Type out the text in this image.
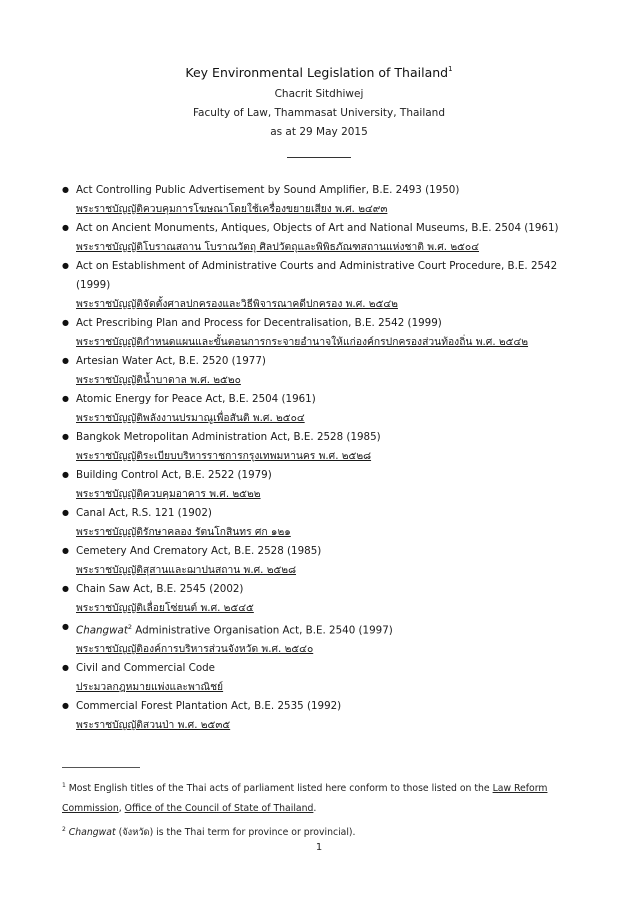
Key Environmental Legislation of Thailand$^1$
Chacrit Sitdhiwej
Faculty of Law, Thammasat University, Thailand
as at 29 May 2015
● Act Controlling Public Advertisement by Sound Amplifier, B.E. 2493 (1950)
พระราชบัญญัติควบคุมการโฆษณาโดยใช้เครื่องขยายเสียง พ.ศ. ๒๔๙๓
● Act on Ancient Monuments, Antiques, Objects of Art and National Museums, B.E. 2504 (1961)
พระราชบัญญัติโบราณสถาน โบราณวัตถุ ศิลปวัตถุและพิพิธภัณฑสถานแห่งชาติ พ.ศ. ๒๕๐๔
● Act on Establishment of Administrative Courts and Administrative Court Procedure, B.E. 2542 (1999)
พระราชบัญญัติจัดตั้งศาลปกครองและวิธีพิจารณาคดีปกครอง พ.ศ. ๒๕๔๒
● Act Prescribing Plan and Process for Decentralisation, B.E. 2542 (1999)
พระราชบัญญัติกำหนดแผนและขั้นตอนการกระจายอำนาจให้แก่องค์กรปกครองส่วนท้องถิ่น พ.ศ. ๒๕๔๒
● Artesian Water Act, B.E. 2520 (1977)
พระราชบัญญัติน้ำบาดาล พ.ศ. ๒๕๒๐
● Atomic Energy for Peace Act, B.E. 2504 (1961)
พระราชบัญญัติพลังงานปรมาณูเพื่อสันติ พ.ศ. ๒๕๐๔
● Bangkok Metropolitan Administration Act, B.E. 2528 (1985)
พระราชบัญญัติระเบียบบริหารราชการกรุงเทพมหานคร พ.ศ. ๒๕๒๘
● Building Control Act, B.E. 2522 (1979)
พระราชบัญญัติควบคุมอาคาร พ.ศ. ๒๕๒๒
● Canal Act, R.S. 121 (1902)
พระราชบัญญัติรักษาคลอง รัตนโกสินทร ศก ๑๒๑
● Cemetery And Crematory Act, B.E. 2528 (1985)
พระราชบัญญัติสุสานและฌาปนสถาน พ.ศ. ๒๕๒๘
● Chain Saw Act, B.E. 2545 (2002)
พระราชบัญญัติเลื่อยโซ่ยนต์ พ.ศ. ๒๕๔๕
● Changwat$^2$ Administrative Organisation Act, B.E. 2540 (1997)
พระราชบัญญัติองค์การบริหารส่วนจังหวัด พ.ศ. ๒๕๔๐
● Civil and Commercial Code
ประมวลกฎหมายแพ่งและพาณิชย์
● Commercial Forest Plantation Act, B.E. 2535 (1992)
พระราชบัญญัติสวนป่า พ.ศ. ๒๕๓๕
$^1$ Most English titles of the Thai acts of parliament listed here conform to those listed on the Law Reform Commission, Office of the Council of State of Thailand.
$^2$ Changwat (จังหวัด) is the Thai term for province or provincial).
1
